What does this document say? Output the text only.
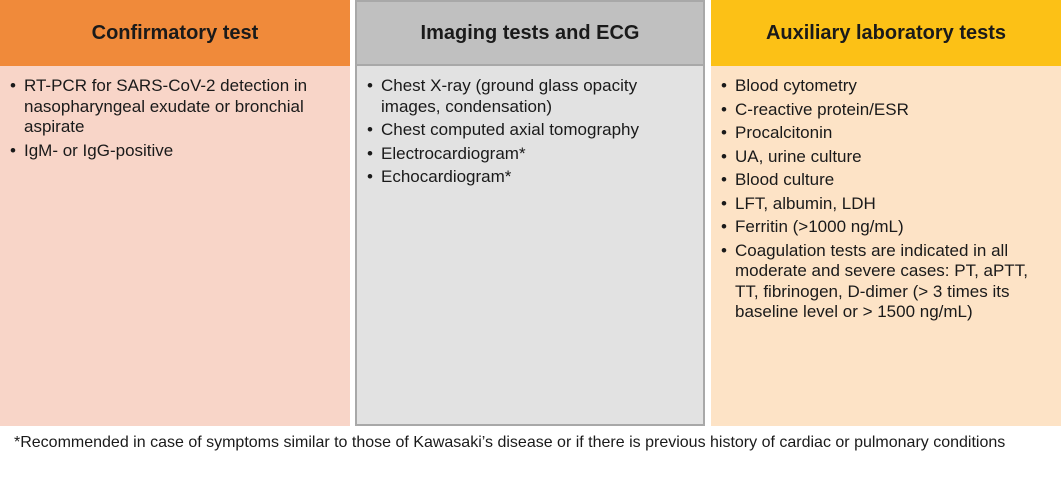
Confirmatory test
• RT-PCR for SARS-CoV-2 detection in nasopharyngeal exudate or bronchial aspirate
• IgM- or IgG-positive
Imaging tests and ECG
• Chest X-ray (ground glass opacity images, condensation)
• Chest computed axial tomography
• Electrocardiogram*
• Echocardiogram*
Auxiliary laboratory tests
• Blood cytometry
• C-reactive protein/ESR
• Procalcitonin
• UA, urine culture
• Blood culture
• LFT, albumin, LDH
• Ferritin (>1000 ng/mL)
• Coagulation tests are indicated in all moderate and severe cases: PT, aPTT, TT, fibrinogen, D-dimer (> 3 times its baseline level or > 1500 ng/mL)
*Recommended in case of symptoms similar to those of Kawasaki’s disease or if there is previous history of cardiac or pulmonary conditions
